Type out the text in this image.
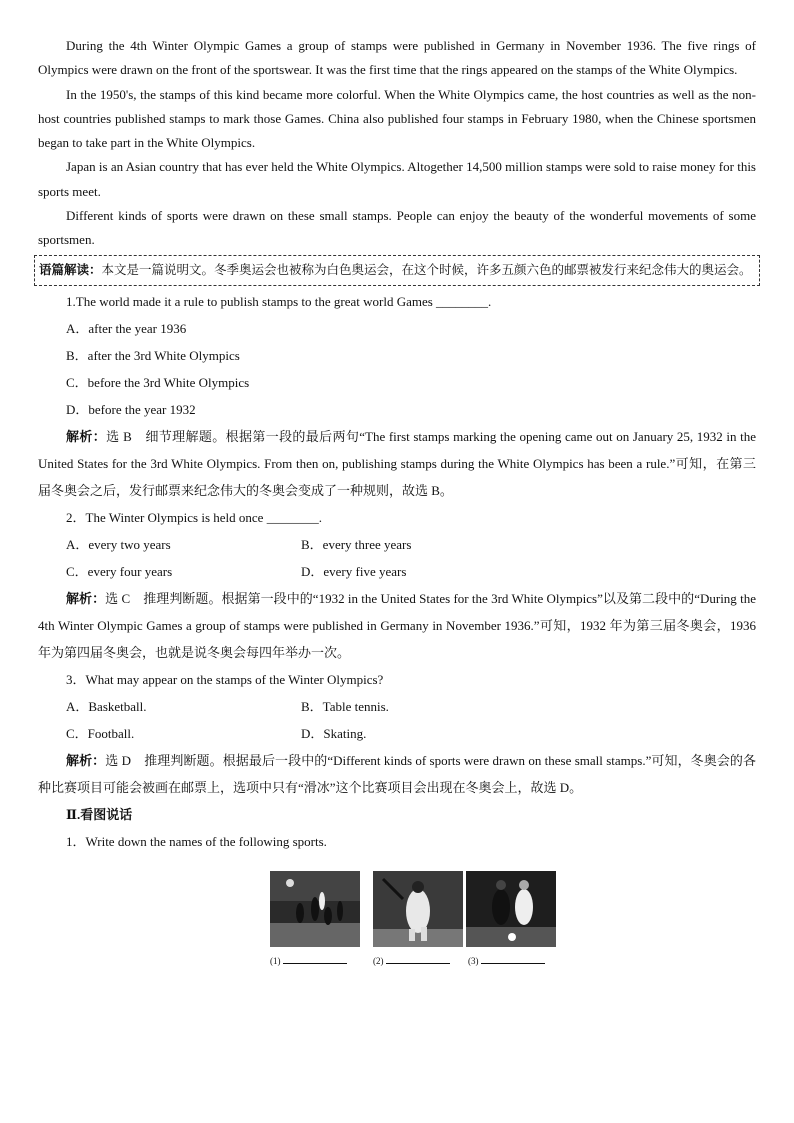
During the 4th Winter Olympic Games a group of stamps were published in Germany in November 1936. The five rings of Olympics were drawn on the front of the sportswear. It was the first time that the rings appeared on the stamps of the White Olympics.

In the 1950's, the stamps of this kind became more colorful. When the White Olympics came, the host countries as well as the non-host countries published stamps to mark those Games. China also published four stamps in February 1980, when the Chinese sportsmen began to take part in the White Olympics.

Japan is an Asian country that has ever held the White Olympics. Altogether 14,500 million stamps were sold to raise money for this sports meet.

Different kinds of sports were drawn on these small stamps. People can enjoy the beauty of the wonderful movements of some sportsmen.

语篇解读：本文是一篇说明文。冬季奥运会也被称为白色奥运会，在这个时候，许多五颜六色的邮票被发行来纪念伟大的奥运会。

1.The world made it a rule to publish stamps to the great world Games ________.

A．after the year 1936

B．after the 3rd White Olympics

C．before the 3rd White Olympics

D．before the year 1932

解析：选 B　细节理解题。根据第一段的最后两句“The first stamps marking the opening came out on January 25, 1932 in the United States for the 3rd White Olympics. From then on, publishing stamps during the White Olympics has been a rule.”可知，在第三届冬奥会之后，发行邮票来纪念伟大的冬奥会变成了一种规则，故选 B。

2．The Winter Olympics is held once ________.

A．every two years	B．every three years
C．every four years	D．every five years

解析：选 C　推理判断题。根据第一段中的“1932 in the United States for the 3rd White Olympics”以及第二段中的“During the 4th Winter Olympic Games a group of stamps were published in Germany in November 1936.”可知，1932 年为第三届冬奥会，1936 年为第四届冬奥会，也就是说冬奥会每四年举办一次。

3．What may appear on the stamps of the Winter Olympics?

A．Basketball.	B．Table tennis.
C．Football.	D．Skating.

解析：选 D　推理判断题。根据最后一段中的“Different kinds of sports were drawn on these small stamps.”可知，冬奥会的各种比赛项目可能会被画在邮票上，选项中只有“滑冰”这个比赛项目会出现在冬奥会上，故选 D。

Ⅱ.看图说话

1．Write down the names of the following sports.

(1)	(2)	(3)
